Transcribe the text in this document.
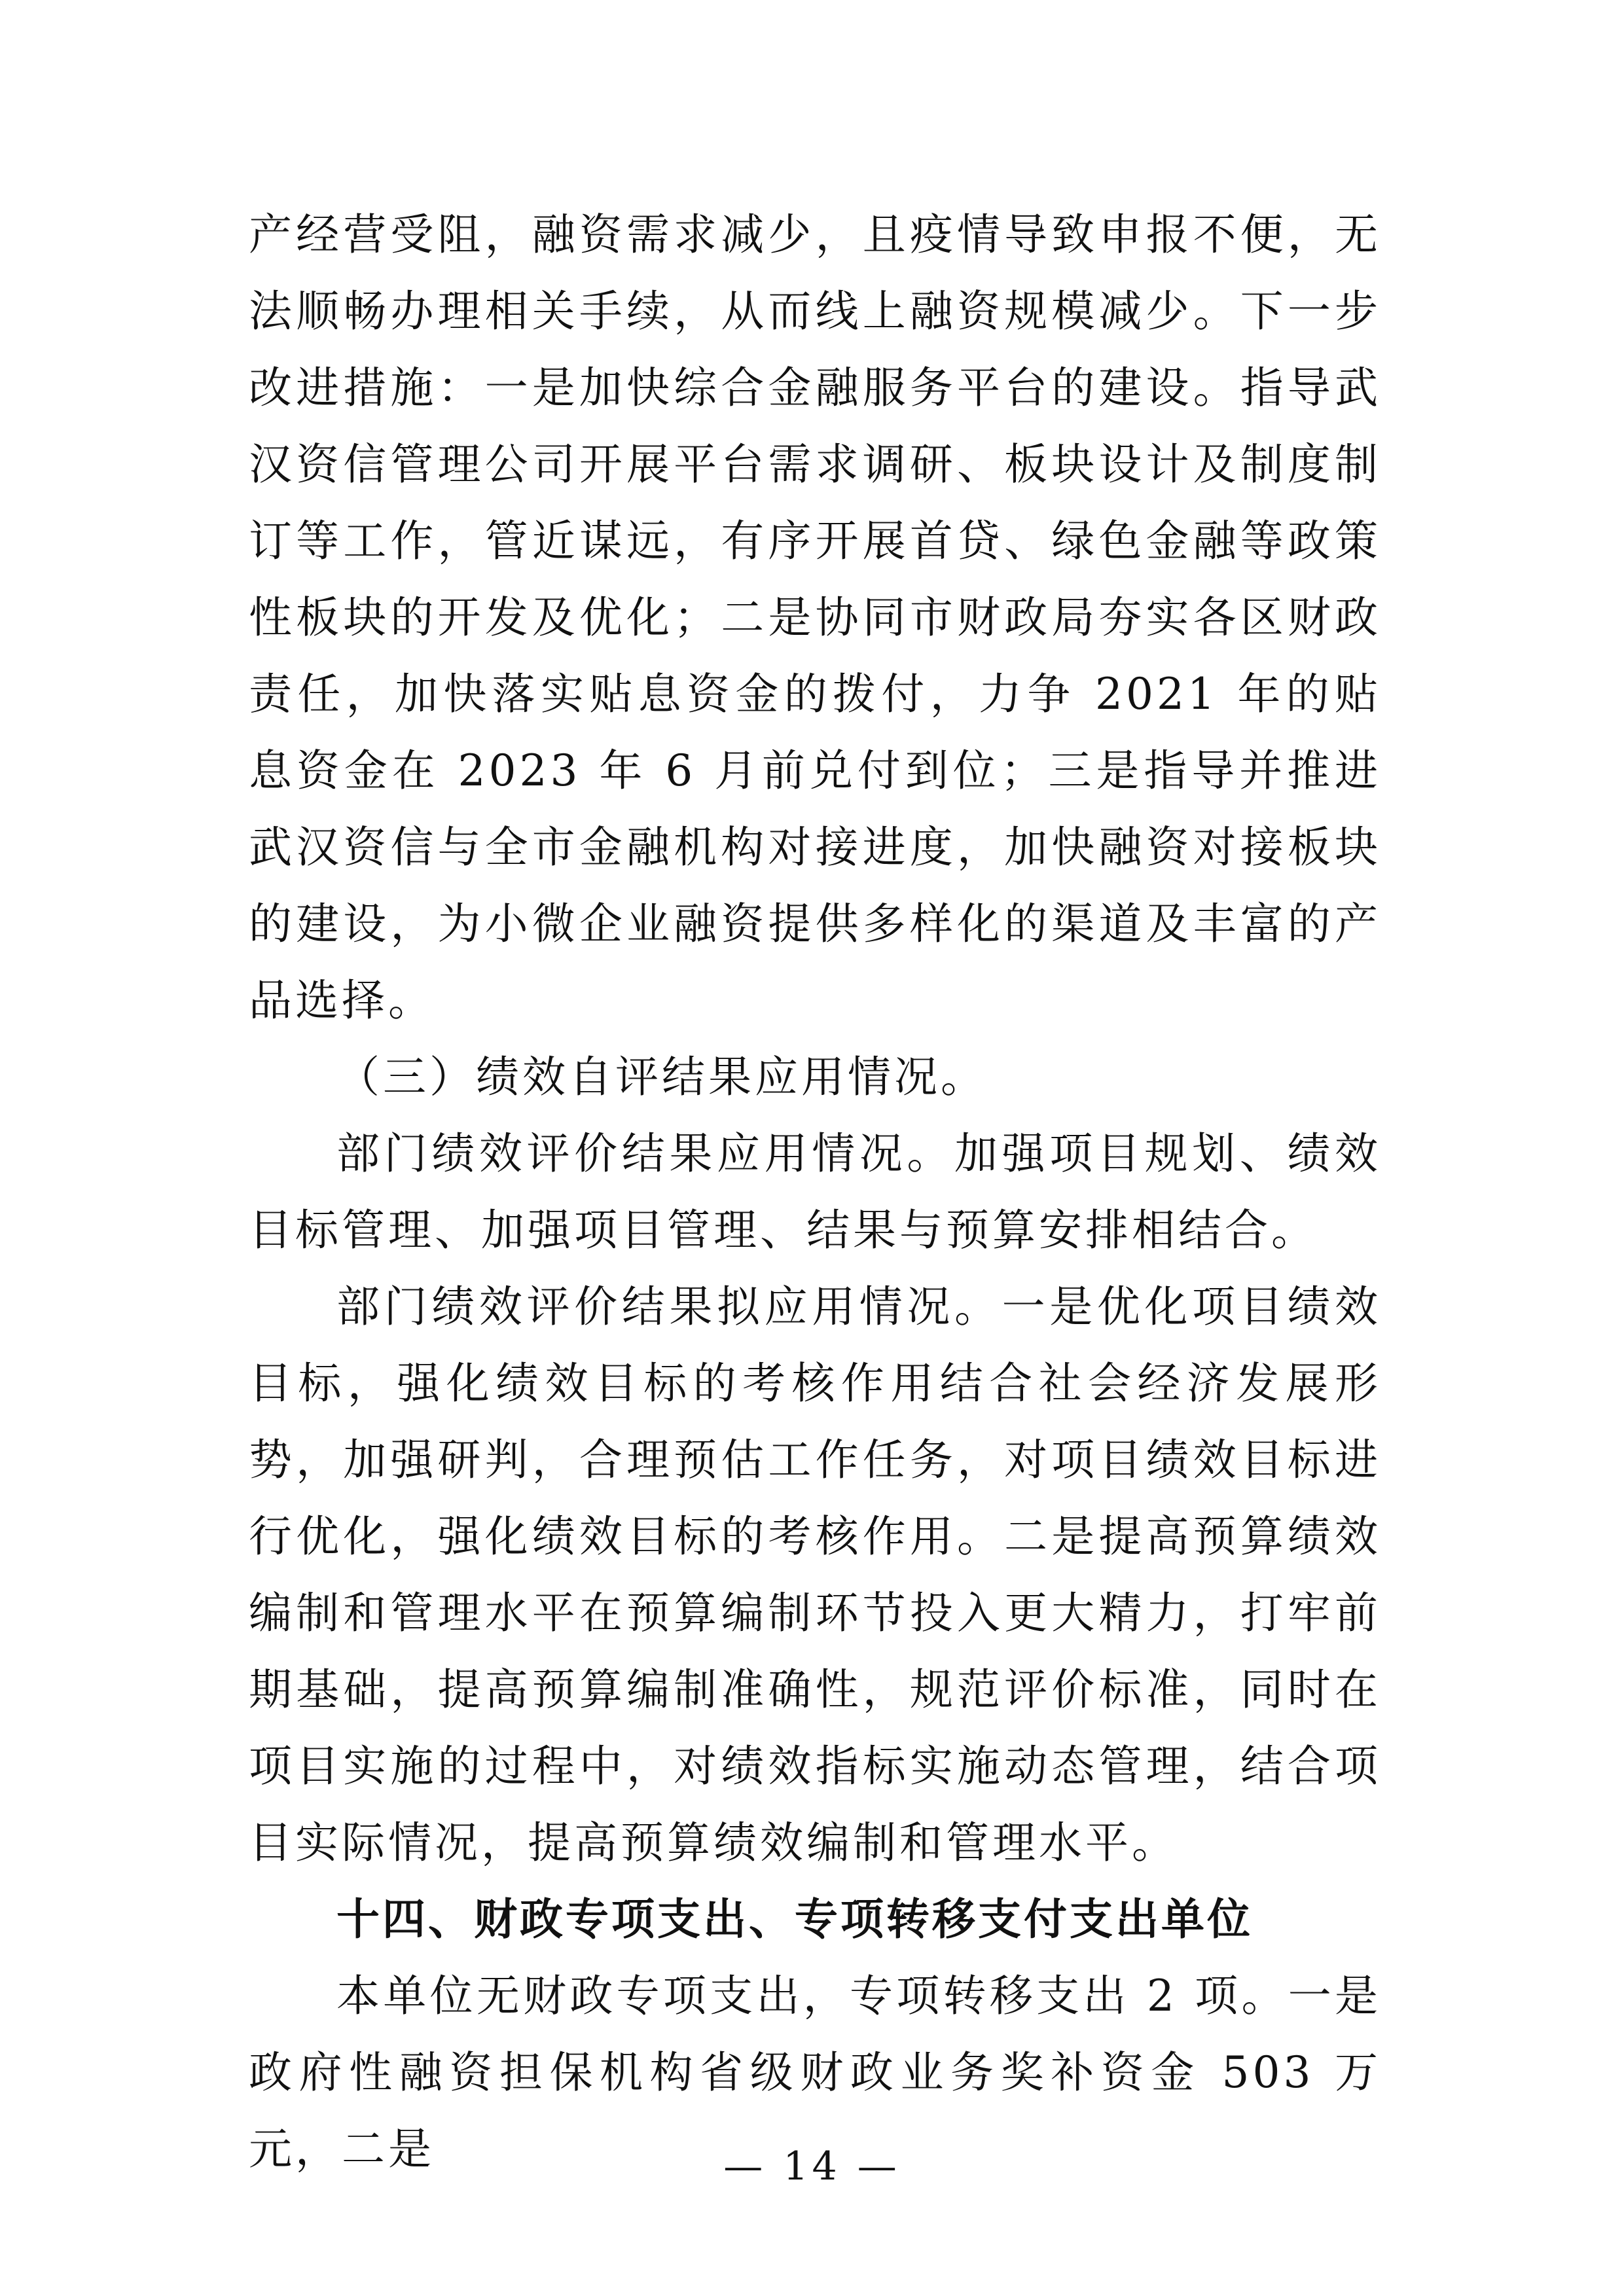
产经营受阻，融资需求减少，且疫情导致申报不便，无法顺畅办理相关手续，从而线上融资规模减少。下一步改进措施：一是加快综合金融服务平台的建设。指导武汉资信管理公司开展平台需求调研、板块设计及制度制订等工作，管近谋远，有序开展首贷、绿色金融等政策性板块的开发及优化；二是协同市财政局夯实各区财政责任，加快落实贴息资金的拨付，力争 2021 年的贴息资金在 2023 年 6 月前兑付到位；三是指导并推进武汉资信与全市金融机构对接进度，加快融资对接板块的建设，为小微企业融资提供多样化的渠道及丰富的产品选择。

（三）绩效自评结果应用情况。

部门绩效评价结果应用情况。加强项目规划、绩效目标管理、加强项目管理、结果与预算安排相结合。

部门绩效评价结果拟应用情况。一是优化项目绩效目标，强化绩效目标的考核作用结合社会经济发展形势，加强研判，合理预估工作任务，对项目绩效目标进行优化，强化绩效目标的考核作用。二是提高预算绩效编制和管理水平在预算编制环节投入更大精力，打牢前期基础，提高预算编制准确性，规范评价标准，同时在项目实施的过程中，对绩效指标实施动态管理，结合项目实际情况，提高预算绩效编制和管理水平。

十四、财政专项支出、专项转移支付支出单位

本单位无财政专项支出，专项转移支出 2 项。一是政府性融资担保机构省级财政业务奖补资金 503 万元，二是	— 14 —
